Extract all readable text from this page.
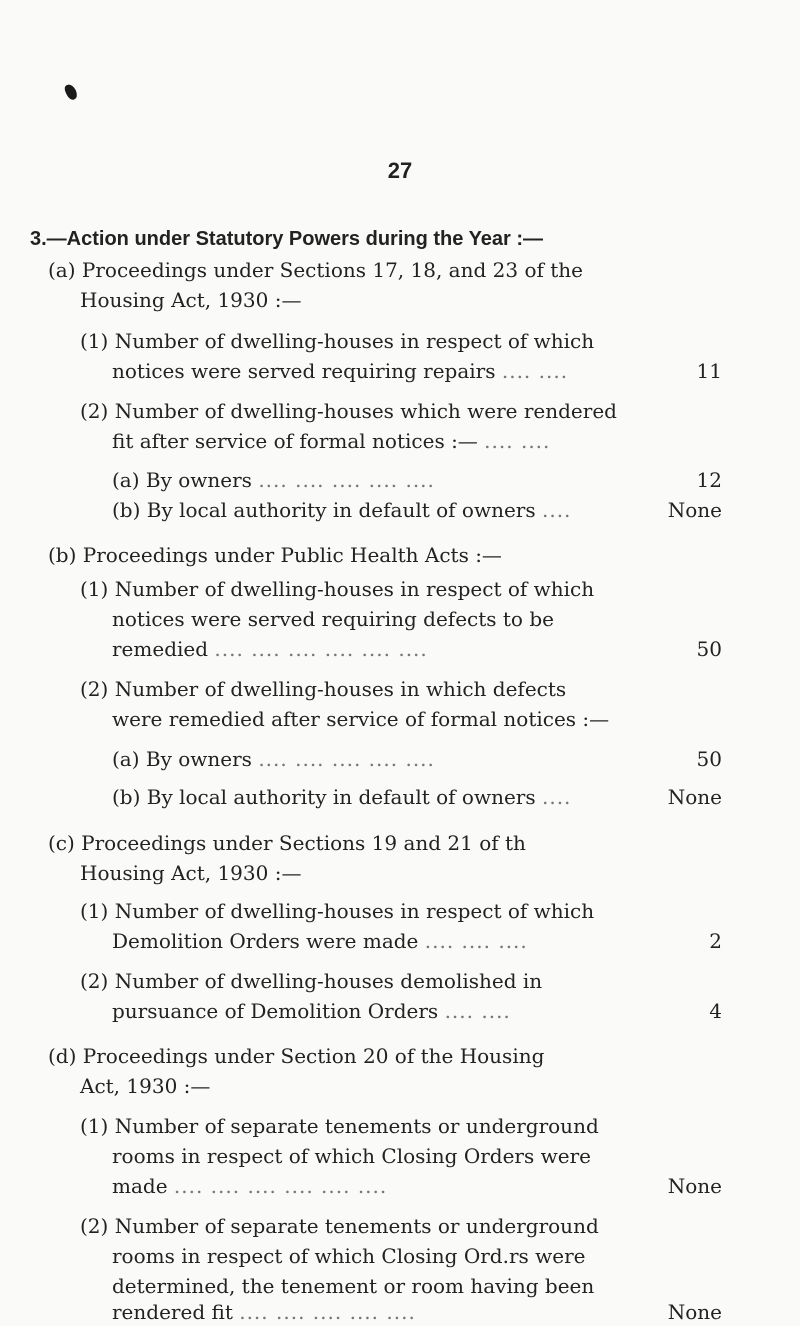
27
3.—Action under Statutory Powers during the Year :—
(a) Proceedings under Sections 17, 18, and 23 of the
Housing Act, 1930 :—
(1) Number of dwelling-houses in respect of which
notices were served requiring repairs .... ....	11
(2) Number of dwelling-houses which were rendered
fit after service of formal notices :— .... ....
(a) By owners .... .... .... .... ....	12
(b) By local authority in default of owners ....	None
(b) Proceedings under Public Health Acts :—
(1) Number of dwelling-houses in respect of which
notices were served requiring defects to be
remedied .... .... .... .... .... ....	50
(2) Number of dwelling-houses in which defects
were remedied after service of formal notices :—
(a) By owners .... .... .... .... ....	50
(b) By local authority in default of owners ....	None
(c) Proceedings under Sections 19 and 21 of th
Housing Act, 1930 :—
(1) Number of dwelling-houses in respect of which
Demolition Orders were made .... .... ....	2
(2) Number of dwelling-houses demolished in
pursuance of Demolition Orders .... ....	4
(d) Proceedings under Section 20 of the Housing
Act, 1930 :—
(1) Number of separate tenements or underground
rooms in respect of which Closing Orders were
made .... .... .... .... .... ....	None
(2) Number of separate tenements or underground
rooms in respect of which Closing Ord.rs were
determined, the tenement or room having been
rendered fit .... .... .... .... ....	None
